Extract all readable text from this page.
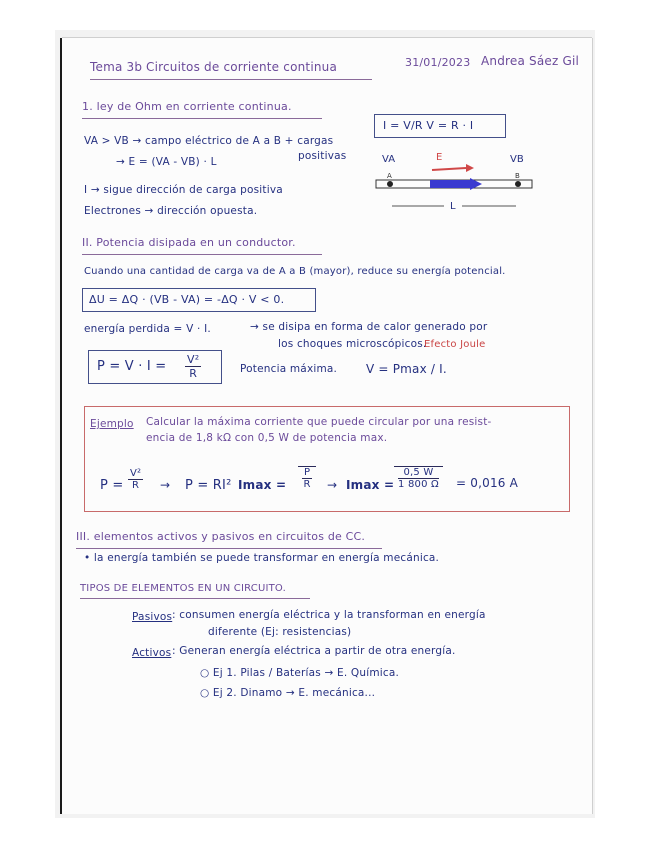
Tema 3b Circuitos de corriente continua	31/01/2023 Andrea Sáez Gil
1. ley de Ohm en corriente continua.
VA > VB → campo eléctrico de A a B + cargas
positivas
→ E = (VA - VB) · L
I → sigue dirección de carga positiva
Electrones → dirección opuesta.
I = V/R V = R · I
VA	VB
E
A	B
L
II. Potencia disipada en un conductor.
Cuando una cantidad de carga va de A a B (mayor), reduce su energía potencial.
ΔU = ΔQ · (VB - VA) = -ΔQ · V < 0.
energía perdida = V · I.	→ se disipa en forma de calor generado por
los choques microscópicos.
Efecto Joule
$P = V \cdot I = \frac{\text{V²}}{R}$	Potencia máxima. V = Pmax / I.
Ejemplo Calcular la máxima corriente que puede circular por una resist-
encia de 1,8 kΩ con 0,5 W de potencia max.
$P = \frac{\text{V²}}{R} \to P = RI^2$ $Imax = \frac{P}{R} \to Imax = \frac{0,5 W}{1 800 \Omega} = 0,016$ A
III. elementos activos y pasivos en circuitos de CC.
• la energía también se puede transformar en energía mecánica.
TIPOS DE ELEMENTOS EN UN CIRCUITO.
Pasivos : consumen energía eléctrica y la transforman en energía
diferente (Ej: resistencias)
Activos : Generan energía eléctrica a partir de otra energía.
○ Ej 1. Pilas / Baterías → E. Química.
○ Ej 2. Dinamo → E. mecánica...
